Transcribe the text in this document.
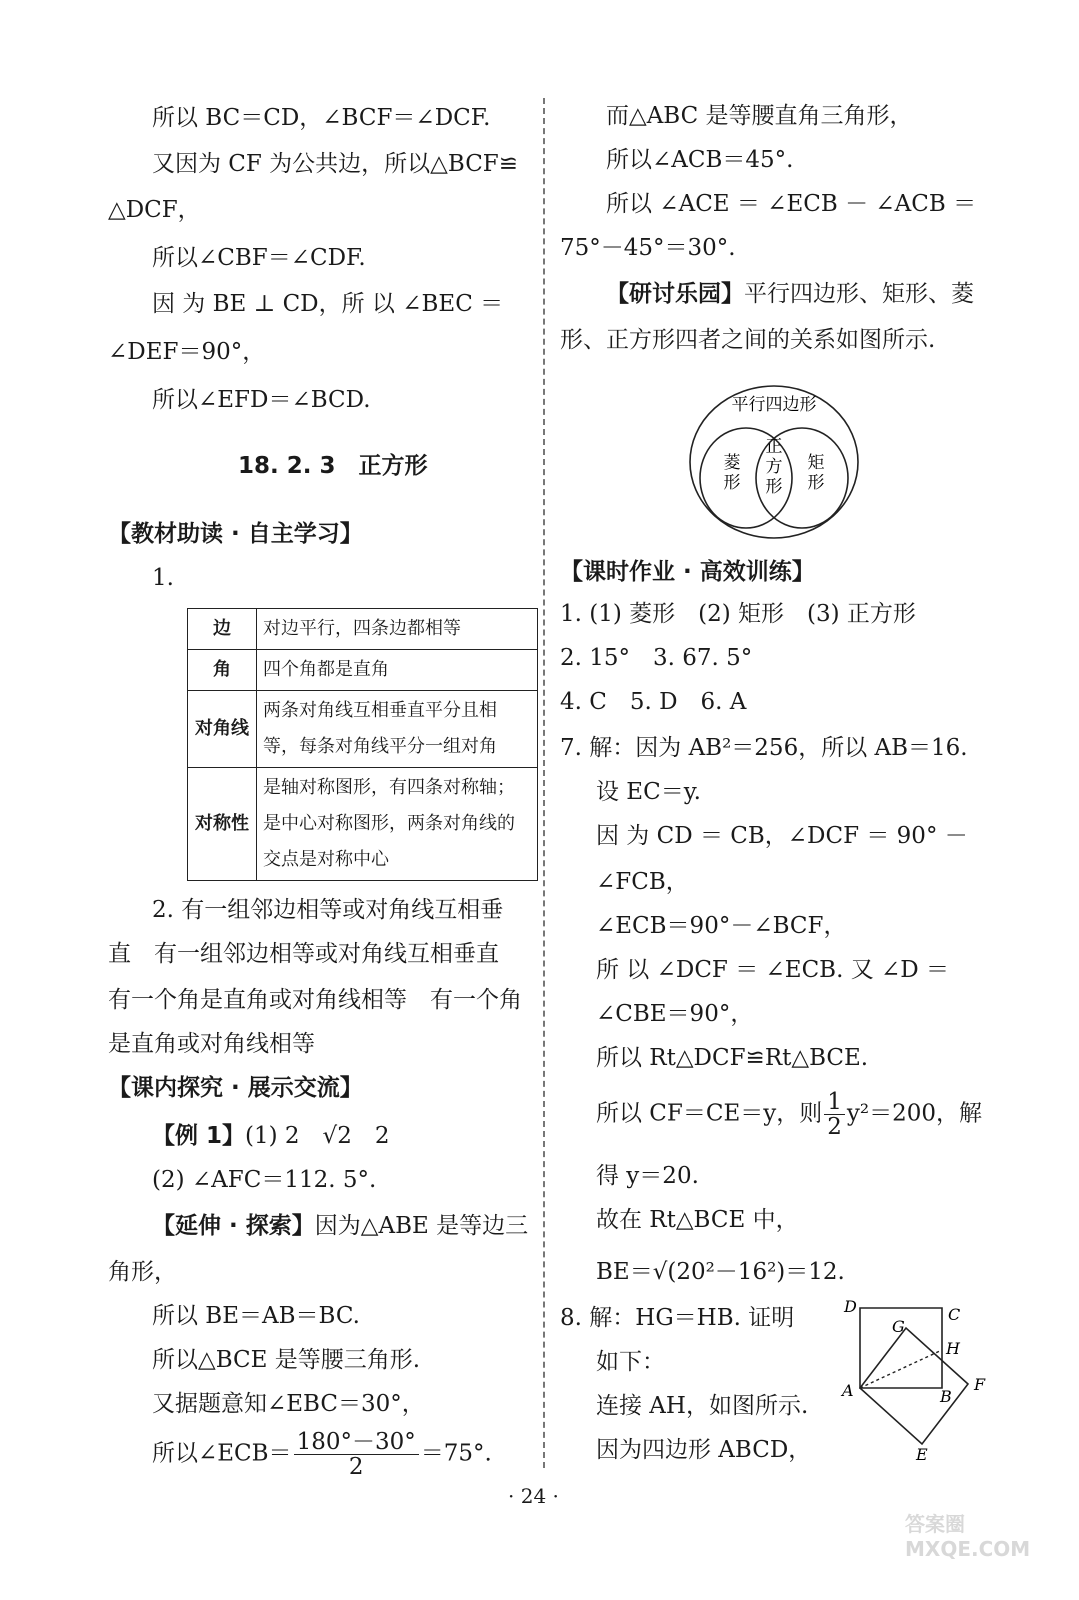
所以 BC＝CD，∠BCF＝∠DCF.
又因为 CF 为公共边，所以△BCF≌
△DCF，
所以∠CBF＝∠CDF.
因 为 BE ⊥ CD，所 以 ∠BEC ＝
∠DEF＝90°，
所以∠EFD＝∠BCD.
18. 2. 3　正方形
【教材助读 · 自主学习】
1.
边	对边平行，四条边都相等
角	四个角都是直角
对角线	两条对角线互相垂直平分且相等，每条对角线平分一组对角
对称性	是轴对称图形，有四条对称轴；是中心对称图形，两条对角线的交点是对称中心
2. 有一组邻边相等或对角线互相垂
直　有一组邻边相等或对角线互相垂直
有一个角是直角或对角线相等　有一个角
是直角或对角线相等
【课内探究 · 展示交流】
【例 1】(1) 2　√2　2
(2) ∠AFC＝112. 5°.
【延伸 · 探索】因为△ABE 是等边三
角形，
所以 BE＝AB＝BC.
所以△BCE 是等腰三角形.
又据题意知∠EBC＝30°，
所以∠ECB＝ $\frac{180^\circ-30^\circ}{2} =75^\circ$.
而△ABC 是等腰直角三角形，
所以∠ACB＝45°.
所以 ∠ACE ＝ ∠ECB － ∠ACB ＝
75°－45°＝30°.
【研讨乐园】平行四边形、矩形、菱
形、正方形四者之间的关系如图所示.
平行四边形
菱
形
正
方
形
矩
形
【课时作业 · 高效训练】
1. (1) 菱形　(2) 矩形　(3) 正方形
2. 15°　3. 67. 5°
4. C　5. D　6. A
7. 解：因为 AB²＝256，所以 AB＝16.
设 EC＝y.
因 为 CD ＝ CB，∠DCF ＝ 90° －
∠FCB，
∠ECB＝90°－∠BCF，
所 以 ∠DCF ＝ ∠ECB. 又 ∠D ＝
∠CBE＝90°，
所以 Rt△DCF≌Rt△BCE.
所以 CF＝CE＝y，则 $\frac{1}{2} y^2=200$，解
得 y＝20.
故在 Rt△BCE 中，
BE＝√(20²－16²)＝12.
8. 解：HG＝HB. 证明
如下：
连接 AH，如图所示.
因为四边形 ABCD，
D	C
G
H
F
A	B
E
· 24 ·
答案圈 MXQE.COM
